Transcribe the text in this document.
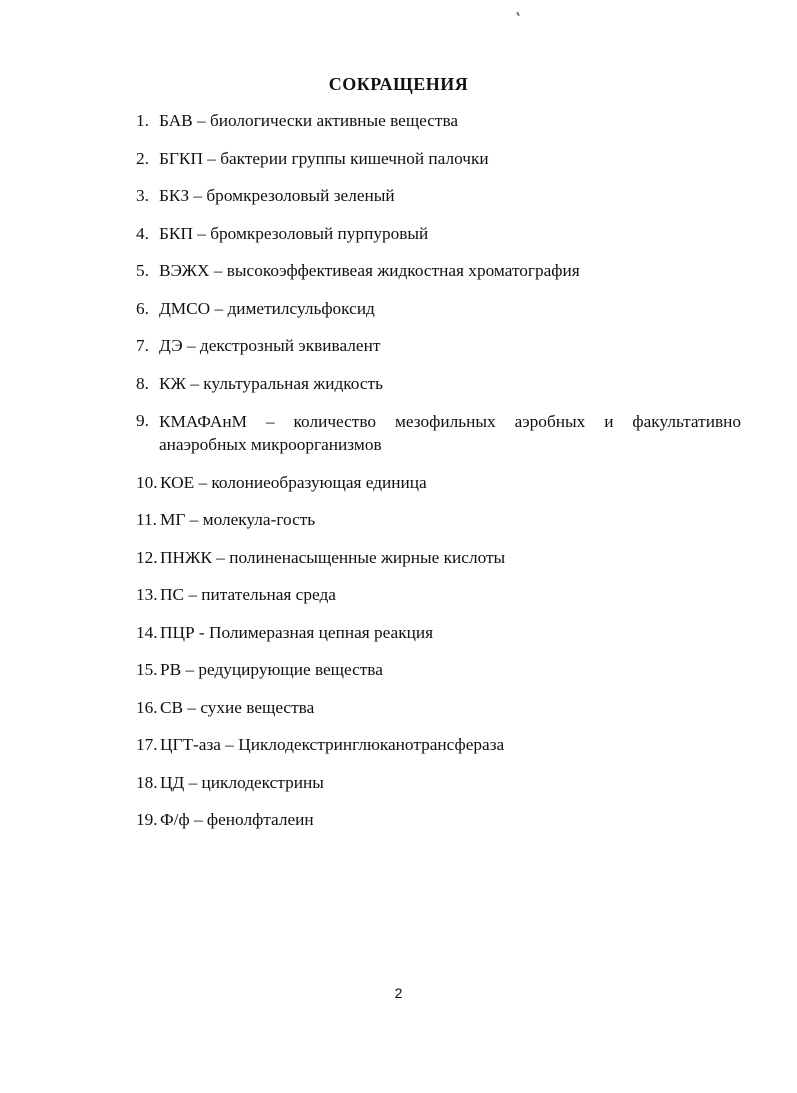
СОКРАЩЕНИЯ
1. БАВ – биологически активные вещества
2. БГКП – бактерии группы кишечной палочки
3. БКЗ – бромкрезоловый зеленый
4. БКП – бромкрезоловый пурпуровый
5. ВЭЖХ – высокоэффективеая жидкостная хроматография
6. ДМСО – диметилсульфоксид
7. ДЭ – декстрозный эквивалент
8. КЖ – культуральная жидкость
9. КМАФАнМ – количество мезофильных аэробных и факультативно анаэробных микроорганизмов
10. КОЕ – колониеобразующая единица
11. МГ – молекула-гость
12. ПНЖК – полиненасыщенные жирные кислоты
13. ПС – питательная среда
14. ПЦР - Полимеразная цепная реакция
15. РВ – редуцирующие вещества
16. СВ – сухие вещества
17. ЦГТ-аза – Циклодекстринглюканотрансфераза
18. ЦД – циклодекстрины
19. Ф/ф – фенолфталеин

2
